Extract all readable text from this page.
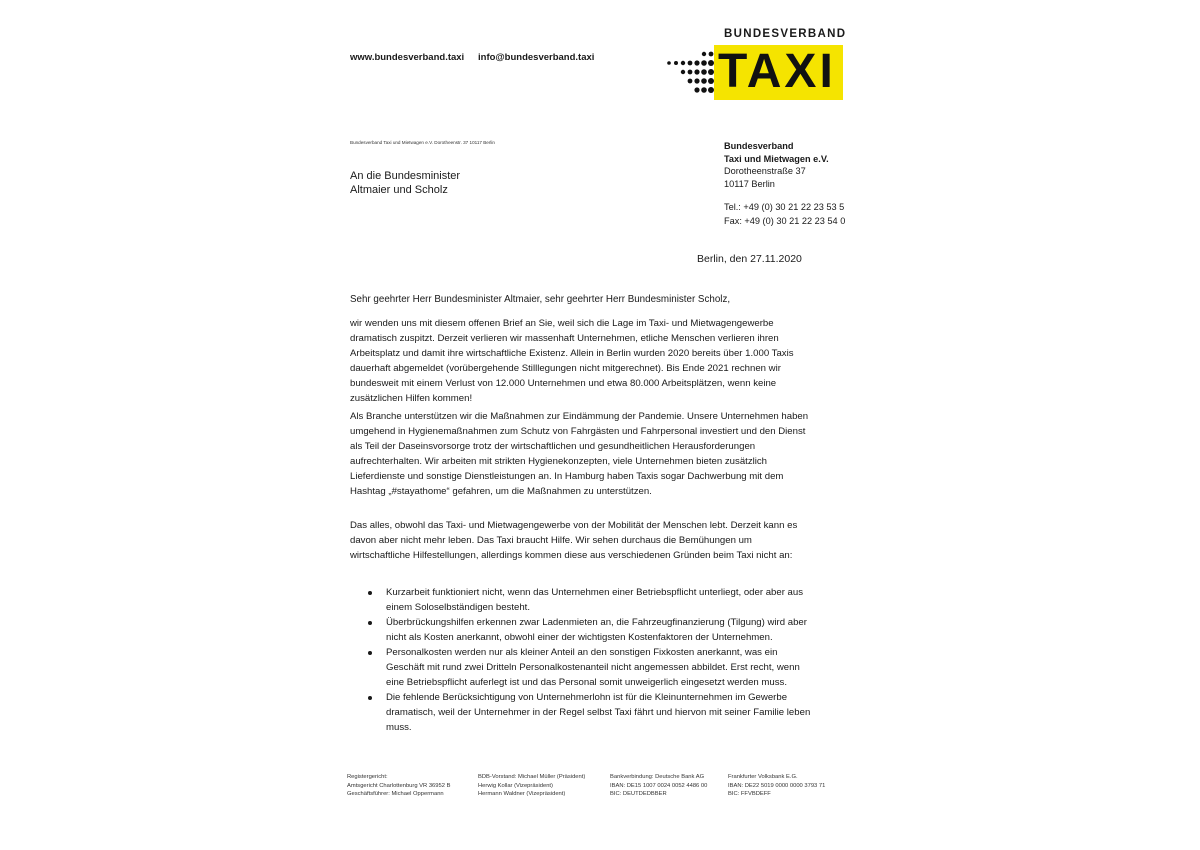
www.bundesverband.taxi info@bundesverband.taxi
BUNDESVERBAND
TAXI
Bundesverband Taxi und Mietwagen e.V. Dorotheenstr. 37 10117 Berlin
An die Bundesminister
Altmaier und Scholz
Bundesverband
Taxi und Mietwagen e.V.
Dorotheenstraße 37
10117 Berlin
Tel.: +49 (0) 30 21 22 23 53 5
Fax: +49 (0) 30 21 22 23 54 0
Berlin, den 27.11.2020
Sehr geehrter Herr Bundesminister Altmaier, sehr geehrter Herr Bundesminister Scholz,
wir wenden uns mit diesem offenen Brief an Sie, weil sich die Lage im Taxi- und Mietwagengewerbe dramatisch zuspitzt. Derzeit verlieren wir massenhaft Unternehmen, etliche Menschen verlieren ihren Arbeitsplatz und damit ihre wirtschaftliche Existenz. Allein in Berlin wurden 2020 bereits über 1.000 Taxis dauerhaft abgemeldet (vorübergehende Stilllegungen nicht mitgerechnet). Bis Ende 2021 rechnen wir bundesweit mit einem Verlust von 12.000 Unternehmen und etwa 80.000 Arbeitsplätzen, wenn keine zusätzlichen Hilfen kommen!
Als Branche unterstützen wir die Maßnahmen zur Eindämmung der Pandemie. Unsere Unternehmen haben umgehend in Hygienemaßnahmen zum Schutz von Fahrgästen und Fahrpersonal investiert und den Dienst als Teil der Daseinsvorsorge trotz der wirtschaftlichen und gesundheitlichen Herausforderungen aufrechterhalten. Wir arbeiten mit strikten Hygienekonzepten, viele Unternehmen bieten zusätzlich Lieferdienste und sonstige Dienstleistungen an. In Hamburg haben Taxis sogar Dachwerbung mit dem Hashtag „#stayathome“ gefahren, um die Maßnahmen zu unterstützen.
Das alles, obwohl das Taxi- und Mietwagengewerbe von der Mobilität der Menschen lebt. Derzeit kann es davon aber nicht mehr leben. Das Taxi braucht Hilfe. Wir sehen durchaus die Bemühungen um wirtschaftliche Hilfestellungen, allerdings kommen diese aus verschiedenen Gründen beim Taxi nicht an:
Kurzarbeit funktioniert nicht, wenn das Unternehmen einer Betriebspflicht unterliegt, oder aber aus einem Soloselbständigen besteht.
Überbrückungshilfen erkennen zwar Ladenmieten an, die Fahrzeugfinanzierung (Tilgung) wird aber nicht als Kosten anerkannt, obwohl einer der wichtigsten Kostenfaktoren der Unternehmen.
Personalkosten werden nur als kleiner Anteil an den sonstigen Fixkosten anerkannt, was ein Geschäft mit rund zwei Dritteln Personalkostenanteil nicht angemessen abbildet. Erst recht, wenn eine Betriebspflicht auferlegt ist und das Personal somit unweigerlich eingesetzt werden muss.
Die fehlende Berücksichtigung von Unternehmerlohn ist für die Kleinunternehmen im Gewerbe dramatisch, weil der Unternehmer in der Regel selbst Taxi fährt und hiervon mit seiner Familie leben muss.
Registergericht:
Amtsgericht Charlottenburg VR 36952 B
Geschäftsführer: Michael Oppermann
BDB-Vorstand: Michael Müller (Präsident)
Herwig Kollar (Vizepräsident)
Hermann Waldner (Vizepräsident)
Bankverbindung: Deutsche Bank AG
IBAN: DE15 1007 0024 0052 4486 00
BIC: DEUTDEDBBER
Frankfurter Volksbank E.G.
IBAN: DE22 5019 0000 0000 3793 71
BIC: FFVBDEFF
